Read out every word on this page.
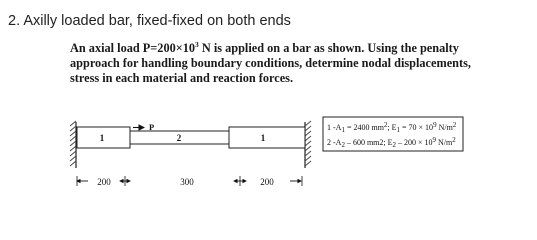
2. Axilly loaded bar, fixed-fixed on both ends
An axial load $P=200\times 10^3$ N is applied on a bar as shown. Using the penalty
approach for handling boundary conditions, determine nodal displacements,
stress in each material and reaction forces.
1	2	1
P
200	300	200
1 -A1 = 2400 mm2; E1 = 70 × 109 N/m2
2 -A2 – 600 mm2; E2 – 200 × 109 N/m2
